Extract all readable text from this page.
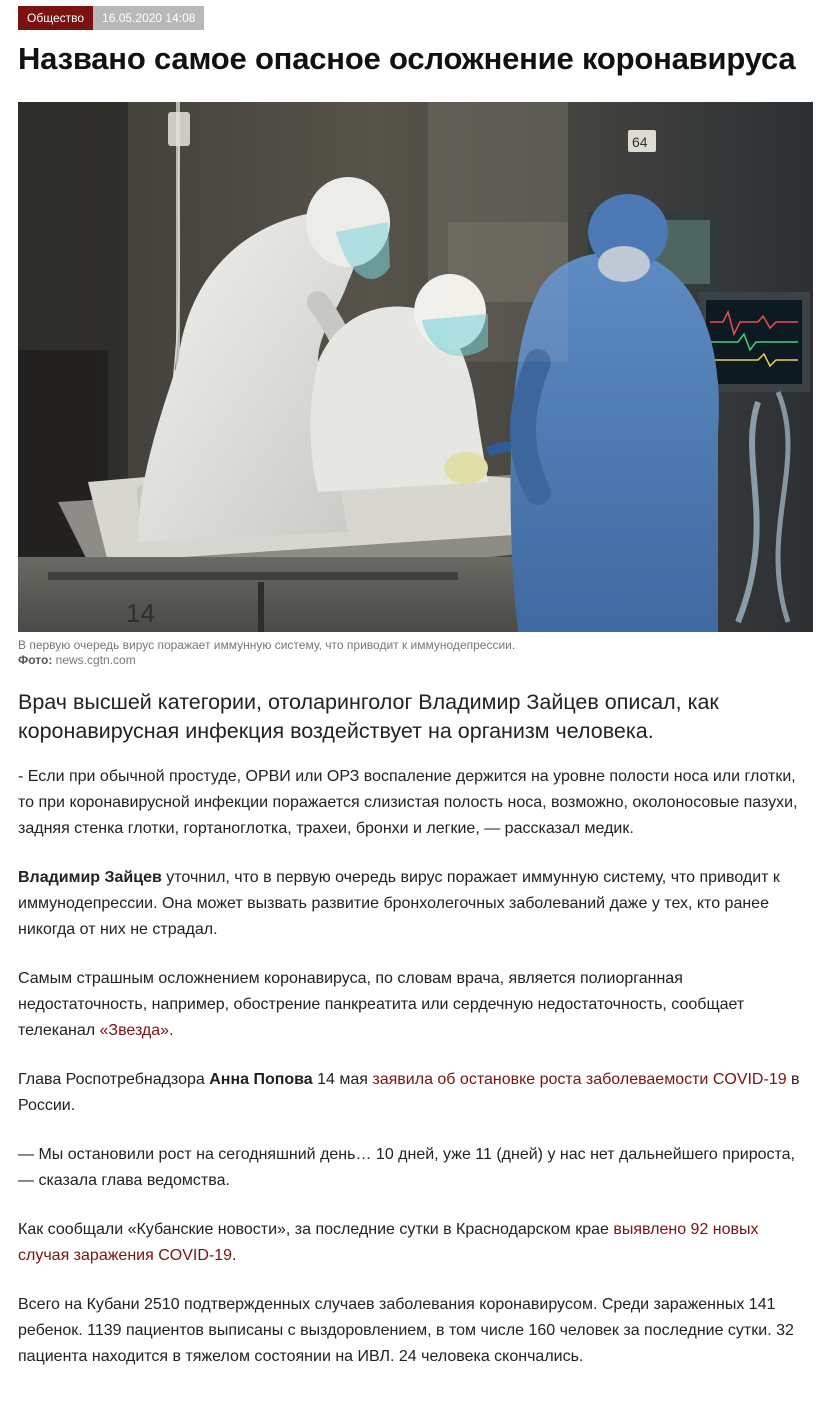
Общество	16.05.2020 14:08
Названо самое опасное осложнение коронавируса
64
14
В первую очередь вирус поражает иммунную систему, что приводит к иммунодепрессии.
Фото: news.cgtn.com

Врач высшей категории, отоларинголог Владимир Зайцев описал, как коронавирусная инфекция воздействует на организм человека.

- Если при обычной простуде, ОРВИ или ОРЗ воспаление держится на уровне полости носа или глотки, то при коронавирусной инфекции поражается слизистая полость носа, возможно, околоносовые пазухи, задняя стенка глотки, гортаноглотка, трахеи, бронхи и легкие, — рассказал медик.

Владимир Зайцев уточнил, что в первую очередь вирус поражает иммунную систему, что приводит к иммунодепрессии. Она может вызвать развитие бронхолегочных заболеваний даже у тех, кто ранее никогда от них не страдал.

Самым страшным осложнением коронавируса, по словам врача, является полиорганная недостаточность, например, обострение панкреатита или сердечную недостаточность, сообщает телеканал «Звезда».

Глава Роспотребнадзора Анна Попова 14 мая заявила об остановке роста заболеваемости COVID-19 в России.

— Мы остановили рост на сегодняшний день… 10 дней, уже 11 (дней) у нас нет дальнейшего прироста, — сказала глава ведомства.

Как сообщали «Кубанские новости», за последние сутки в Краснодарском крае выявлено 92 новых случая заражения COVID-19.

Всего на Кубани 2510 подтвержденных случаев заболевания коронавирусом. Среди зараженных 141 ребенок. 1139 пациентов выписаны с выздоровлением, в том числе 160 человек за последние сутки. 32 пациента находится в тяжелом состоянии на ИВЛ. 24 человека скончались.
